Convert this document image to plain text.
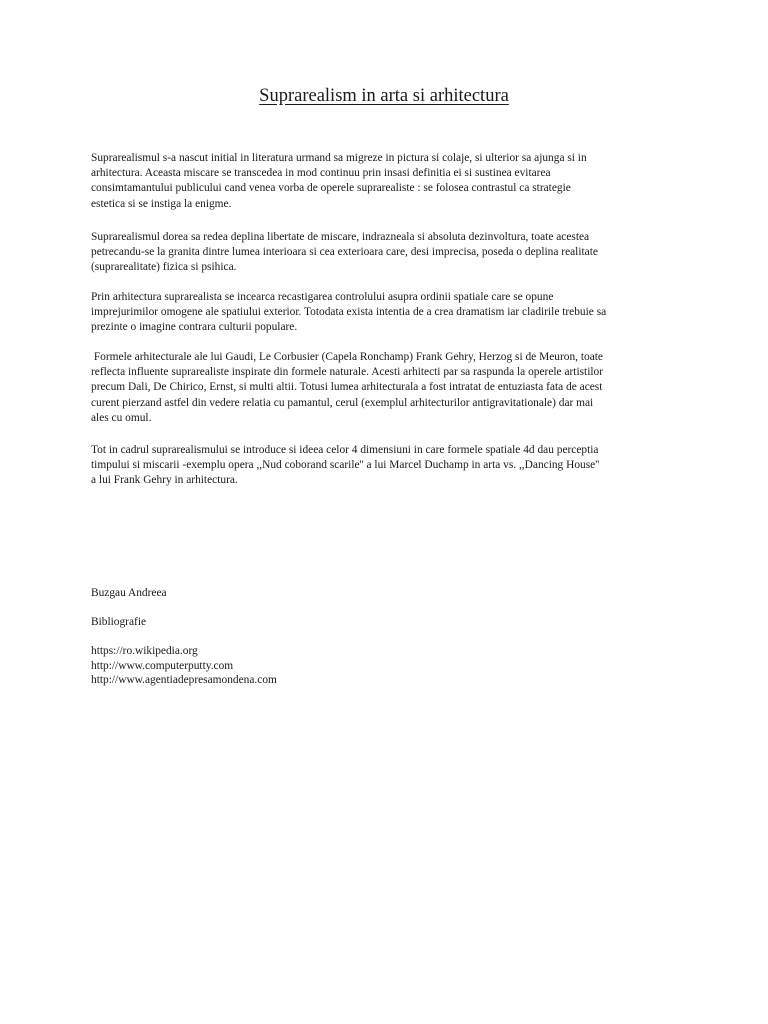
Suprarealism in arta si arhitectura
Suprarealismul s-a nascut initial in literatura urmand sa migreze in pictura si colaje, si ulterior sa ajunga si in
arhitectura. Aceasta miscare se transcedea in mod continuu prin insasi definitia ei si sustinea evitarea
consimtamantului publicului cand venea vorba de operele suprarealiste : se folosea contrastul ca strategie
estetica si se instiga la enigme.
Suprarealismul dorea sa redea deplina libertate de miscare, indrazneala si absoluta dezinvoltura, toate acestea
petrecandu-se la granita dintre lumea interioara si cea exterioara care, desi imprecisa, poseda o deplina realitate
(suprarealitate) fizica si psihica.
Prin arhitectura suprarealista se incearca recastigarea controlului asupra ordinii spatiale care se opune
imprejurimilor omogene ale spatiului exterior. Totodata exista intentia de a crea dramatism iar cladirile trebuie sa
prezinte o imagine contrara culturii populare.
Formele arhitecturale ale lui Gaudi, Le Corbusier (Capela Ronchamp) Frank Gehry, Herzog si de Meuron, toate
reflecta influente suprarealiste inspirate din formele naturale. Acesti arhitecti par sa raspunda la operele artistilor
precum Dali, De Chirico, Ernst, si multi altii. Totusi lumea arhitecturala a fost intratat de entuziasta fata de acest
curent pierzand astfel din vedere relatia cu pamantul, cerul (exemplul arhitecturilor antigravitationale) dar mai
ales cu omul.
Tot in cadrul suprarealismului se introduce si ideea celor 4 dimensiuni in care formele spatiale 4d dau perceptia
timpului si miscarii -exemplu opera ,,Nud coborand scarile'' a lui Marcel Duchamp in arta vs. ,,Dancing House''
a lui Frank Gehry in arhitectura.
Buzgau Andreea
Bibliografie
https://ro.wikipedia.org
http://www.computerputty.com
http://www.agentiadepresamondena.com
